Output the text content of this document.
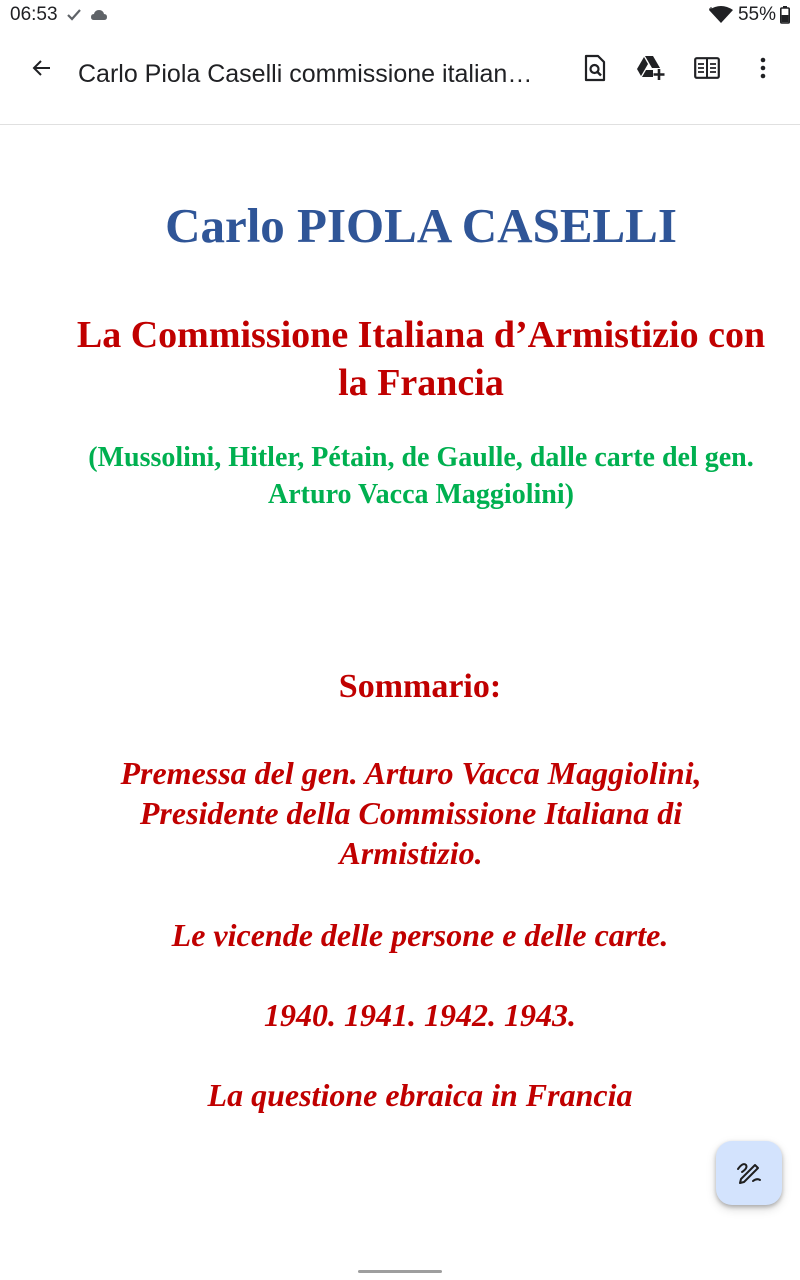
06:53	55%
Carlo Piola Caselli commissione italian…
Carlo PIOLA CASELLI
La Commissione Italiana d’Armistizio con la Francia
(Mussolini, Hitler, Pétain, de Gaulle, dalle carte del gen. Arturo Vacca Maggiolini)
Sommario:
Premessa del gen. Arturo Vacca Maggiolini, Presidente della Commissione Italiana di Armistizio.
Le vicende delle persone e delle carte.
1940. 1941. 1942. 1943.
La questione ebraica in Francia
